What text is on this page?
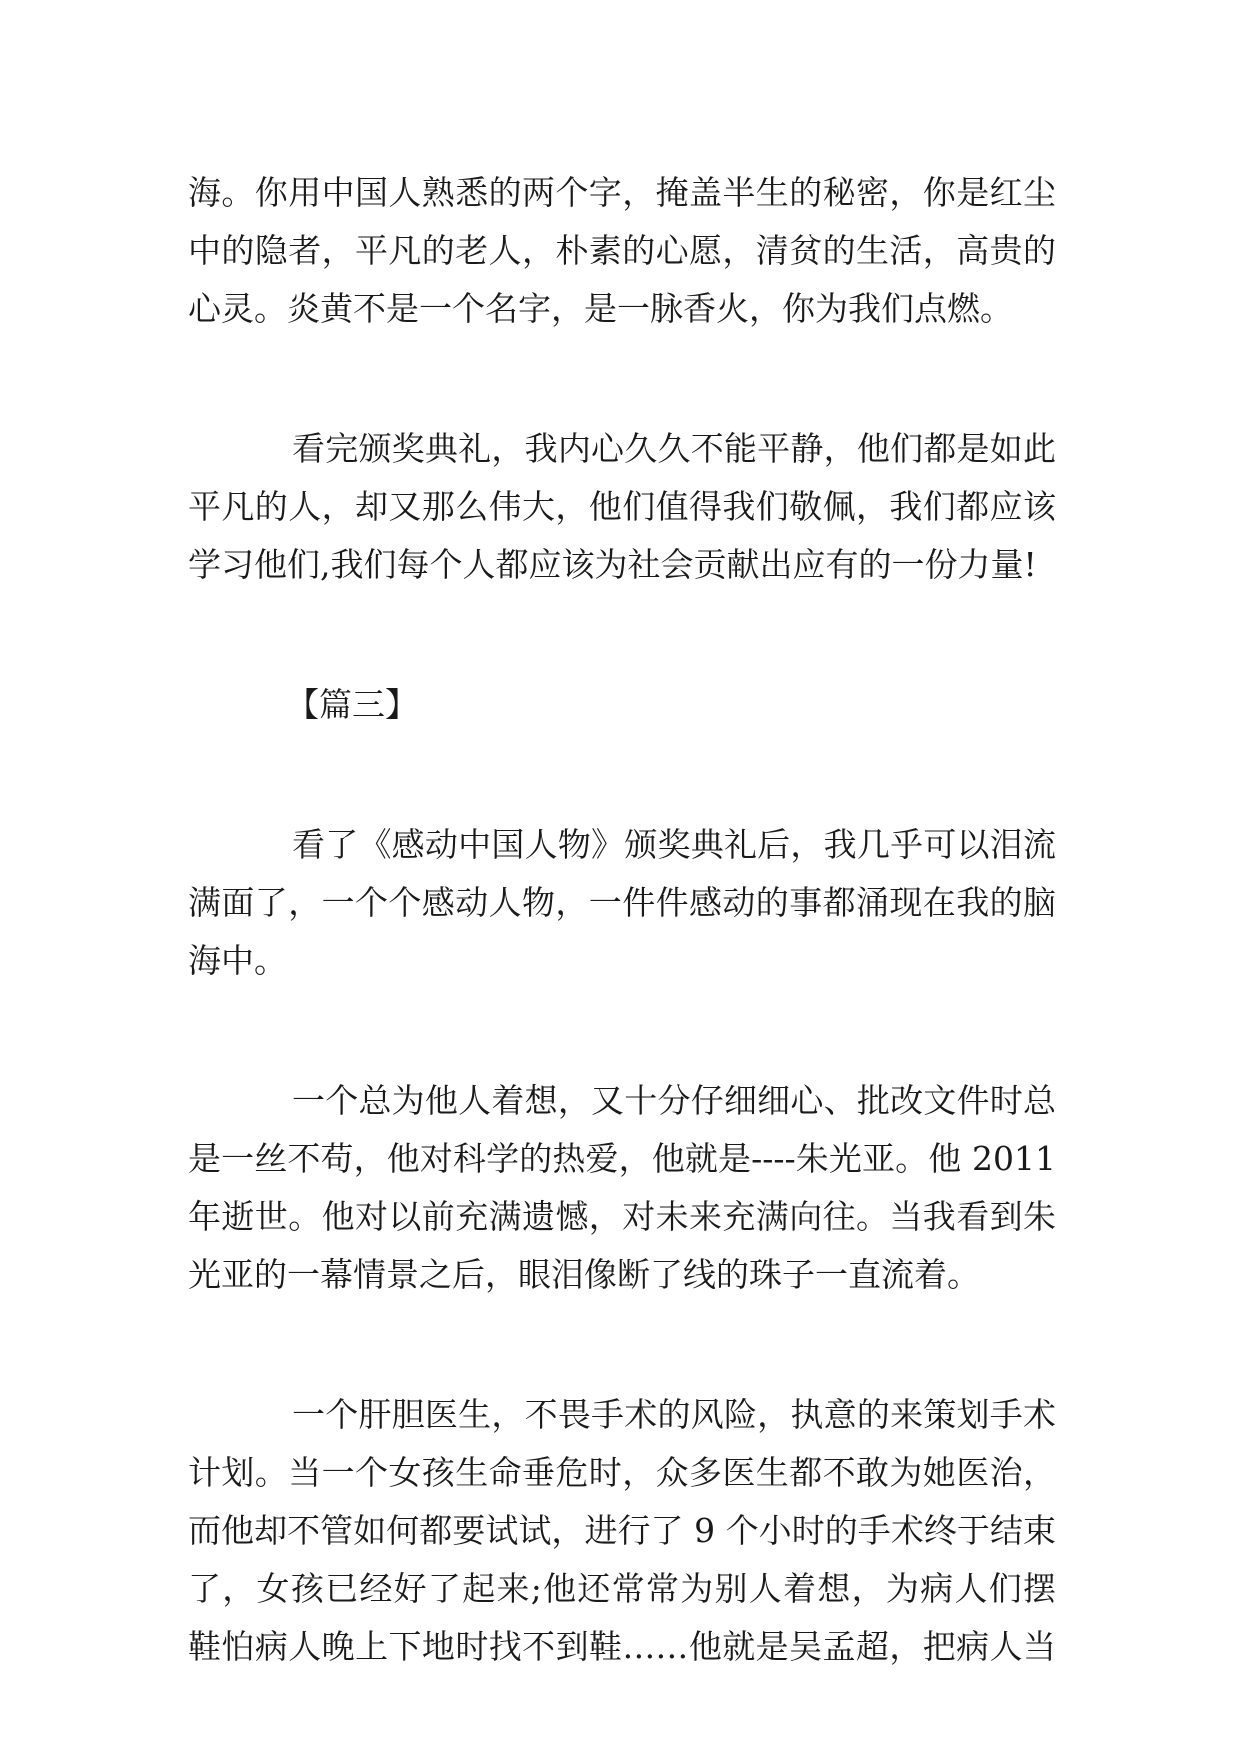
海。你用中国人熟悉的两个字，掩盖半生的秘密，你是红尘
中的隐者，平凡的老人，朴素的心愿，清贫的生活，高贵的
心灵。炎黄不是一个名字，是一脉香火，你为我们点燃。
看完颁奖典礼，我内心久久不能平静，他们都是如此
平凡的人，却又那么伟大，他们值得我们敬佩，我们都应该
学习他们,我们每个人都应该为社会贡献出应有的一份力量!
【篇三】
看了《感动中国人物》颁奖典礼后，我几乎可以泪流
满面了，一个个感动人物，一件件感动的事都涌现在我的脑
海中。
一个总为他人着想，又十分仔细细心、批改文件时总
是一丝不苟，他对科学的热爱，他就是----朱光亚。他 2011
年逝世。他对以前充满遗憾，对未来充满向往。当我看到朱
光亚的一幕情景之后，眼泪像断了线的珠子一直流着。
一个肝胆医生，不畏手术的风险，执意的来策划手术
计划。当一个女孩生命垂危时，众多医生都不敢为她医治，
而他却不管如何都要试试，进行了 9 个小时的手术终于结束
了，女孩已经好了起来;他还常常为别人着想，为病人们摆
鞋怕病人晚上下地时找不到鞋……他就是吴孟超，把病人当
